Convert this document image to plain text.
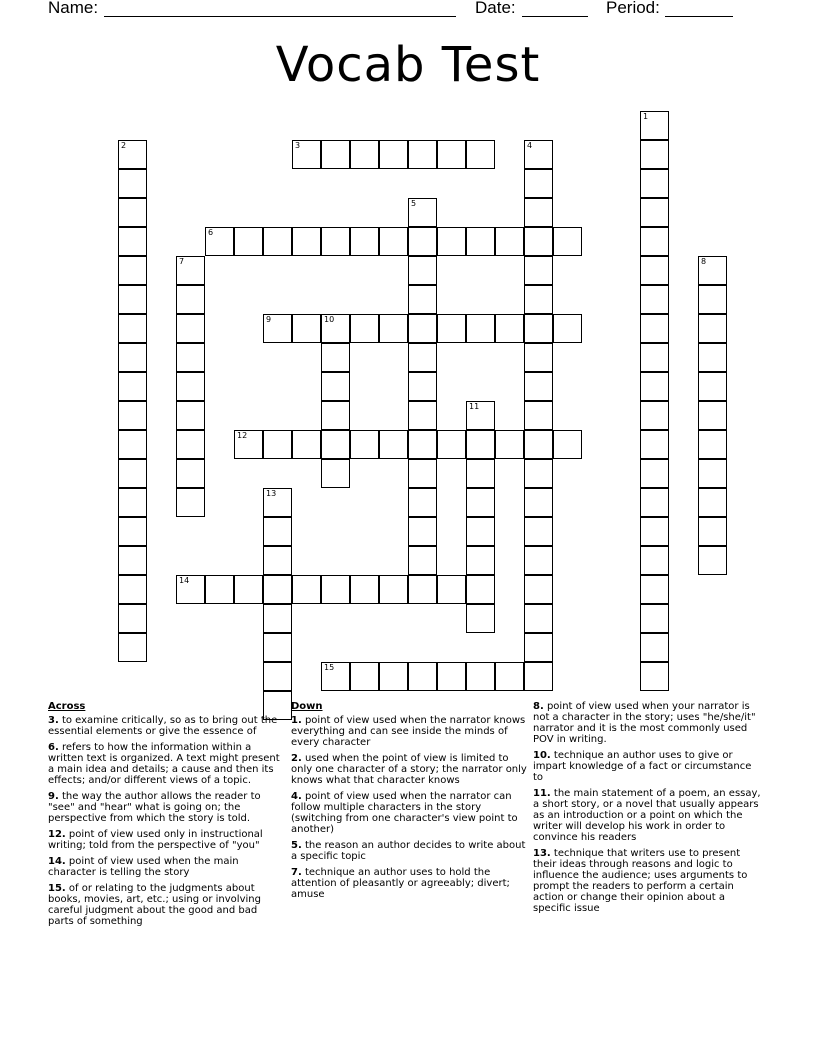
Name:	Date:	Period:
Vocab Test
1
2	3	4
5
6
7	8
9	10
11
12
13
14
15
Across
3. to examine critically, so as to bring out the essential elements or give the essence of
6. refers to how the information within a written text is organized. A text might present a main idea and details; a cause and then its effects; and/or different views of a topic.
9. the way the author allows the reader to "see" and "hear" what is going on; the perspective from which the story is told.
12. point of view used only in instructional writing; told from the perspective of "you"
14. point of view used when the main character is telling the story
15. of or relating to the judgments about books, movies, art, etc.; using or involving careful judgment about the good and bad parts of something
Down
1. point of view used when the narrator knows everything and can see inside the minds of every character
2. used when the point of view is limited to only one character of a story; the narrator only knows what that character knows
4. point of view used when the narrator can follow multiple characters in the story (switching from one character's view point to another)
5. the reason an author decides to write about a specific topic
7. technique an author uses to hold the attention of pleasantly or agreeably; divert; amuse
8. point of view used when your narrator is not a character in the story; uses "he/she/it" narrator and it is the most commonly used POV in writing.
10. technique an author uses to give or impart knowledge of a fact or circumstance to
11. the main statement of a poem, an essay, a short story, or a novel that usually appears as an introduction or a point on which the writer will develop his work in order to convince his readers
13. technique that writers use to present their ideas through reasons and logic to influence the audience; uses arguments to prompt the readers to perform a certain action or change their opinion about a specific issue
